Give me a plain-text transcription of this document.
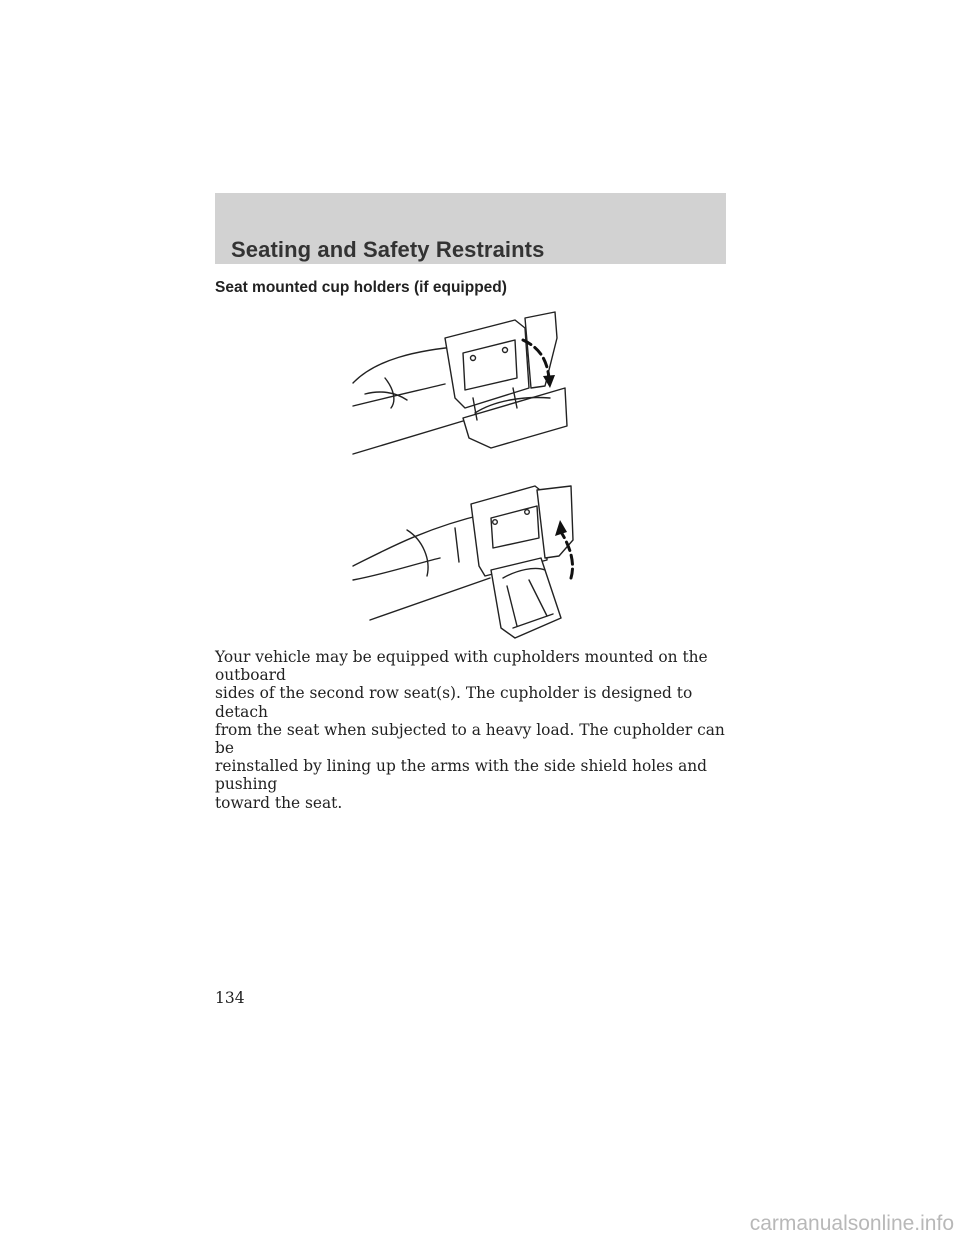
Seating and Safety Restraints
Seat mounted cup holders (if equipped)

Your vehicle may be equipped with cupholders mounted on the outboard
sides of the second row seat(s). The cupholder is designed to detach
from the seat when subjected to a heavy load. The cupholder can be
reinstalled by lining up the arms with the side shield holes and pushing
toward the seat.

134
carmanualsonline.info
